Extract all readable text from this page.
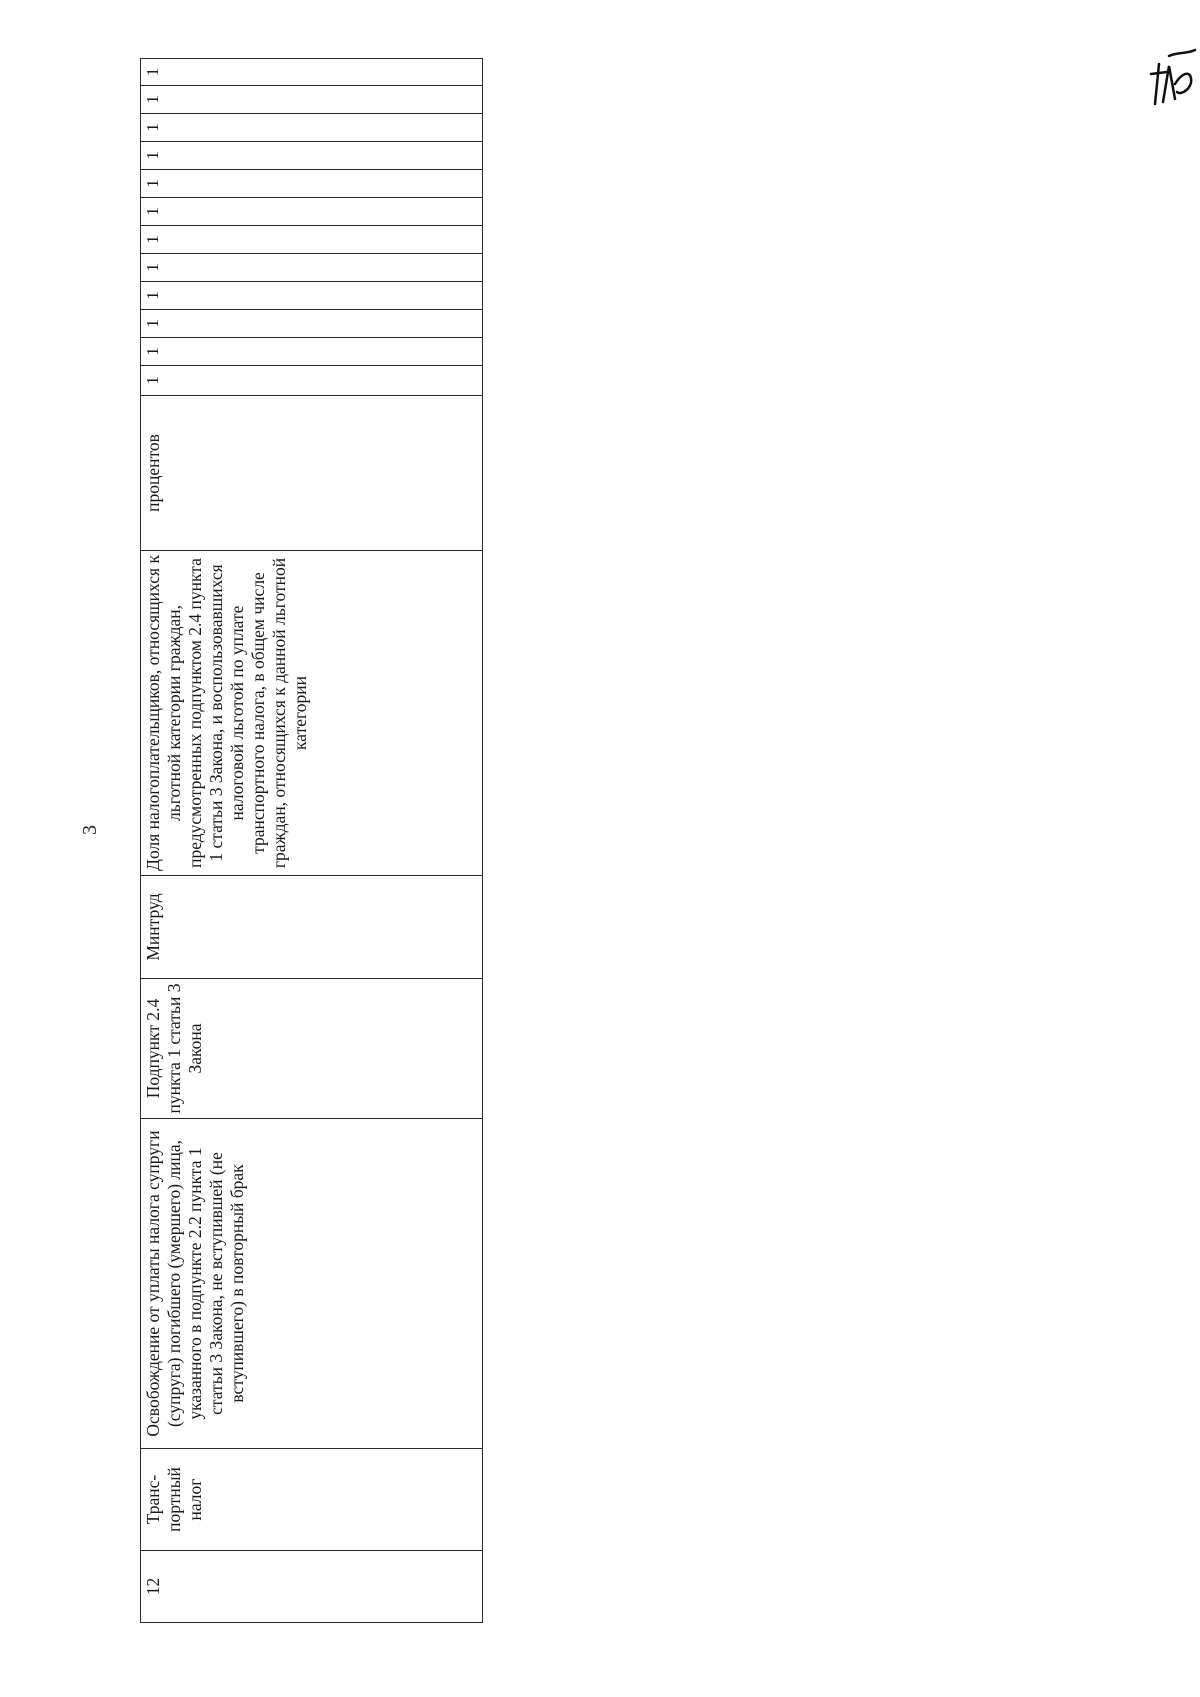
3
12	Транс-
портный
налог	Освобождение от уплаты налога супруги (супруга) погибшего (умершего) лица, указанного в подпункте 2.2 пункта 1 статьи 3 Закона, не вступившей (не вступившего) в повторный брак	Подпункт 2.4 пункта 1 статьи 3 Закона	Минтруд	Доля налогоплательщиков, относящихся к льготной категории граждан, предусмотренных подпунктом 2.4 пункта 1 статьи 3 Закона, и воспользовавшихся налоговой льготой по уплате транспортного налога, в общем числе граждан, относящихся к данной льготной категории	процентов	1	1	1	1	1	1	1	1	1	1	1	1
